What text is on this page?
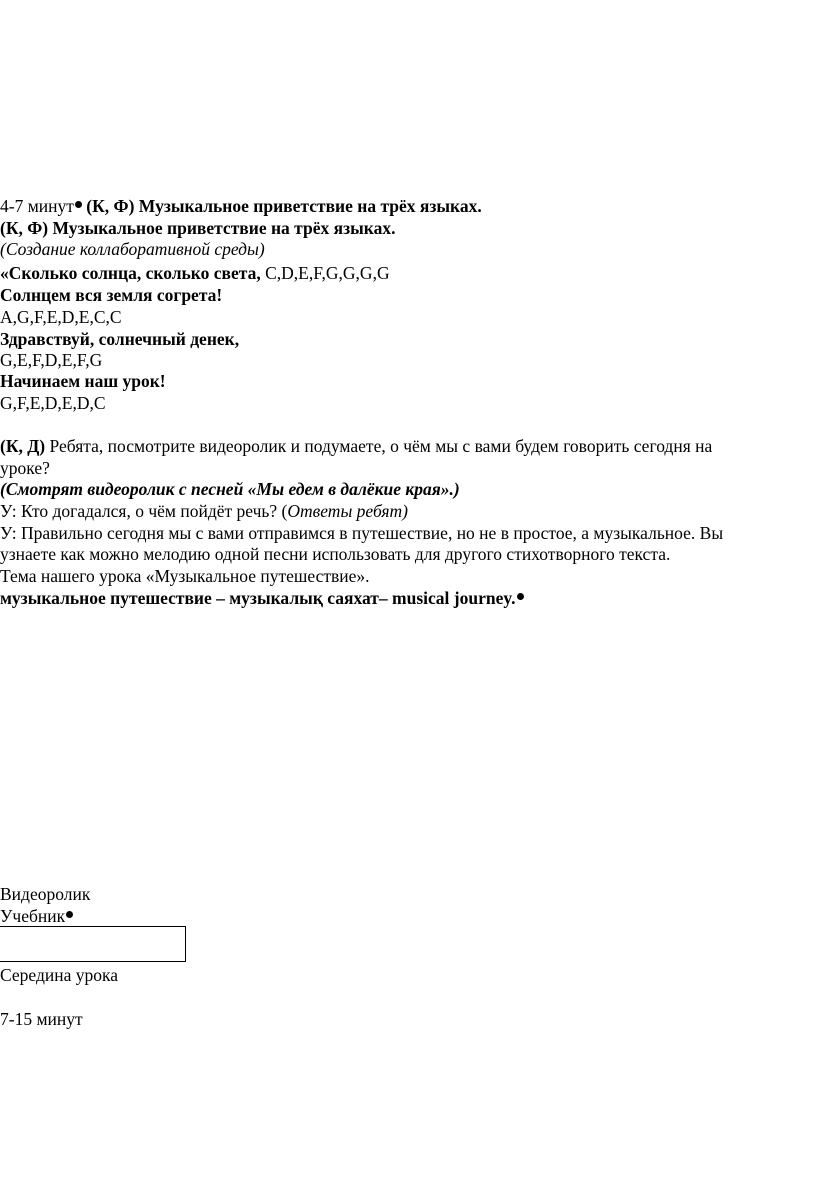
4-7 минут (К, Ф) Музыкальное приветствие на трёх языках.
(К, Ф) Музыкальное приветствие на трёх языках.
(Создание коллаборативной среды)
«Сколько солнца, сколько света, C,D,E,F,G,G,G,G
Солнцем вся земля согрета!
A,G,F,E,D,E,C,C
Здравствуй, солнечный денек,
G,E,F,D,E,F,G
Начинаем наш урок!
G,F,E,D,E,D,C
(К, Д) Ребята, посмотрите видеоролик и подумаете, о чём мы с вами будем говорить сегодня на
уроке?
(Смотрят видеоролик с песней «Мы едем в далёкие края».)
У: Кто догадался, о чём пойдёт речь? (Ответы ребят)
У: Правильно сегодня мы с вами отправимся в путешествие, но не в простое, а музыкальное. Вы
узнаете как можно мелодию одной песни использовать для другого стихотворного текста.
Тема нашего урока «Музыкальное путешествие».
музыкальное путешествие – музыкалық саяхат– musical journey.
Видеоролик
Учебник
Середина урока
7-15 минут
